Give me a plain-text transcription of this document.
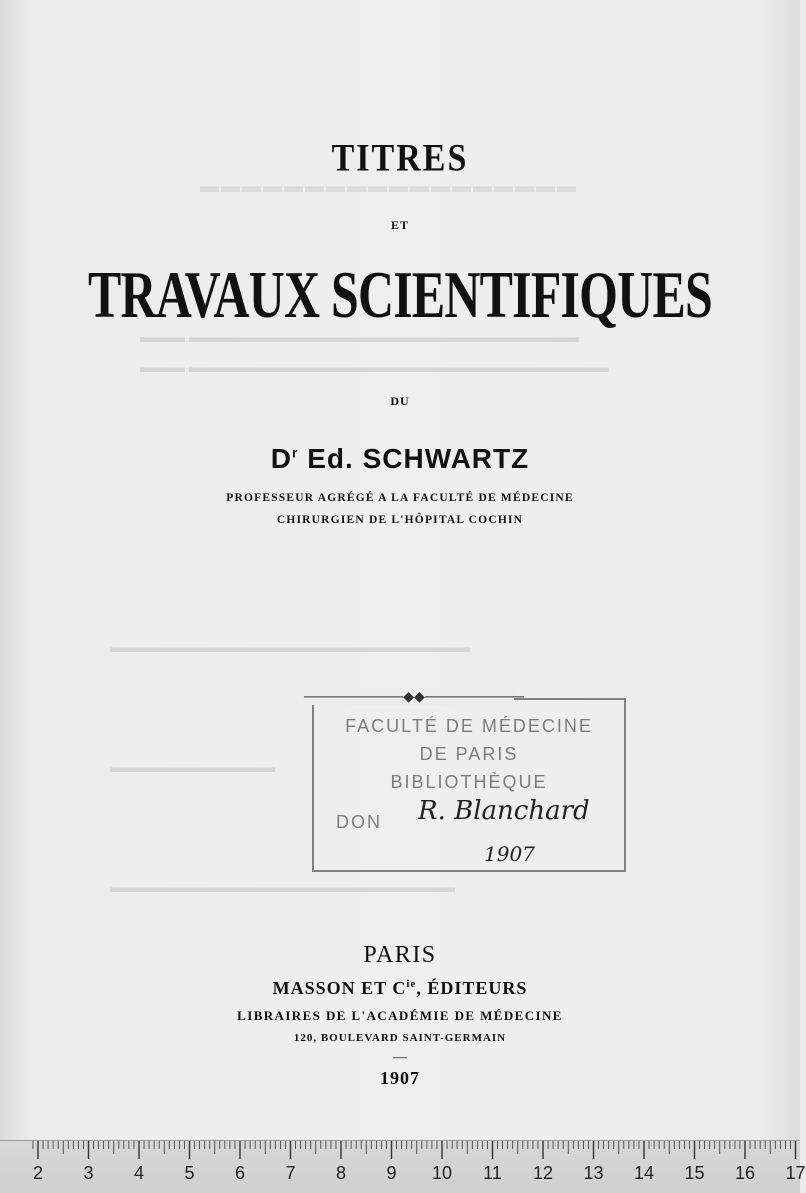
▬▬▬▬▬▬▬▬▬▬▬▬▬▬▬▬▬▬
▬▬▬ ▬▬▬▬▬▬▬▬▬▬▬▬▬▬▬▬▬▬▬▬▬▬▬▬▬▬
▬▬▬ ▬▬▬▬▬▬▬▬▬▬▬▬▬▬▬▬▬▬▬▬▬▬▬▬▬▬▬▬
▬▬▬▬▬▬▬▬▬▬▬▬▬▬▬▬▬▬▬▬▬▬▬▬
▬▬▬▬▬▬▬▬▬▬▬
▬▬▬▬▬▬▬▬▬▬▬▬▬▬▬▬▬▬▬▬▬▬▬
TITRES
ET
TRAVAUX SCIENTIFIQUES
DU
$D^r$ Ed. SCHWARTZ
PROFESSEUR AGRÉGÉ A LA FACULTÉ DE MÉDECINE
CHIRURGIEN DE L'HÔPITAL COCHIN
──────────◆◆──────────
FACULTÉ DE MÉDECINE
DE PARIS
BIBLIOTHÈQUE
DON R. Blanchard
1907
PARIS
MASSON ET $C^{ie}$, ÉDITEURS
LIBRAIRES DE L'ACADÉMIE DE MÉDECINE
120, BOULEVARD SAINT-GERMAIN
—
1907
2 3 4 5 6 7 8 9 10 11 12 13 14 15 16 17
